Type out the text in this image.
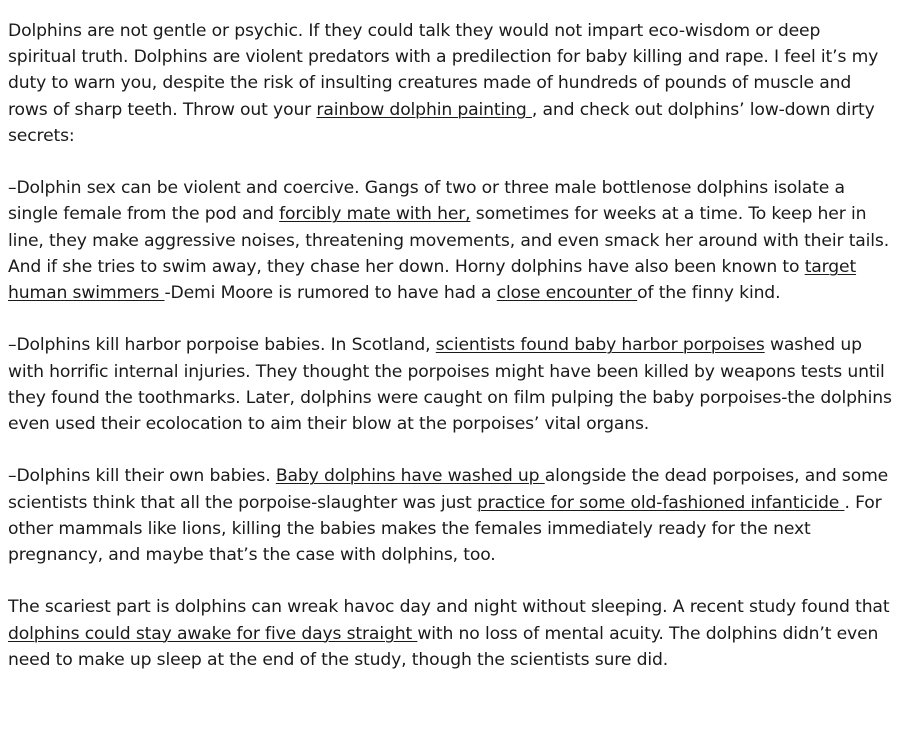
Dolphins are not gentle or psychic. If they could talk they would not impart eco-wisdom or deep spiritual truth. Dolphins are violent predators with a predilection for baby killing and rape. I feel it’s my duty to warn you, despite the risk of insulting creatures made of hundreds of pounds of muscle and rows of sharp teeth. Throw out your rainbow dolphin painting , and check out dolphins’ low-down dirty secrets:

–Dolphin sex can be violent and coercive. Gangs of two or three male bottlenose dolphins isolate a single female from the pod and forcibly mate with her, sometimes for weeks at a time. To keep her in line, they make aggressive noises, threatening movements, and even smack her around with their tails. And if she tries to swim away, they chase her down. Horny dolphins have also been known to target human swimmers -Demi Moore is rumored to have had a close encounter of the finny kind.

–Dolphins kill harbor porpoise babies. In Scotland, scientists found baby harbor porpoises washed up with horrific internal injuries. They thought the porpoises might have been killed by weapons tests until they found the toothmarks. Later, dolphins were caught on film pulping the baby porpoises-the dolphins even used their ecolocation to aim their blow at the porpoises’ vital organs.

–Dolphins kill their own babies. Baby dolphins have washed up alongside the dead porpoises, and some scientists think that all the porpoise-slaughter was just practice for some old-fashioned infanticide . For other mammals like lions, killing the babies makes the females immediately ready for the next pregnancy, and maybe that’s the case with dolphins, too.

The scariest part is dolphins can wreak havoc day and night without sleeping. A recent study found that dolphins could stay awake for five days straight with no loss of mental acuity. The dolphins didn’t even need to make up sleep at the end of the study, though the scientists sure did.
